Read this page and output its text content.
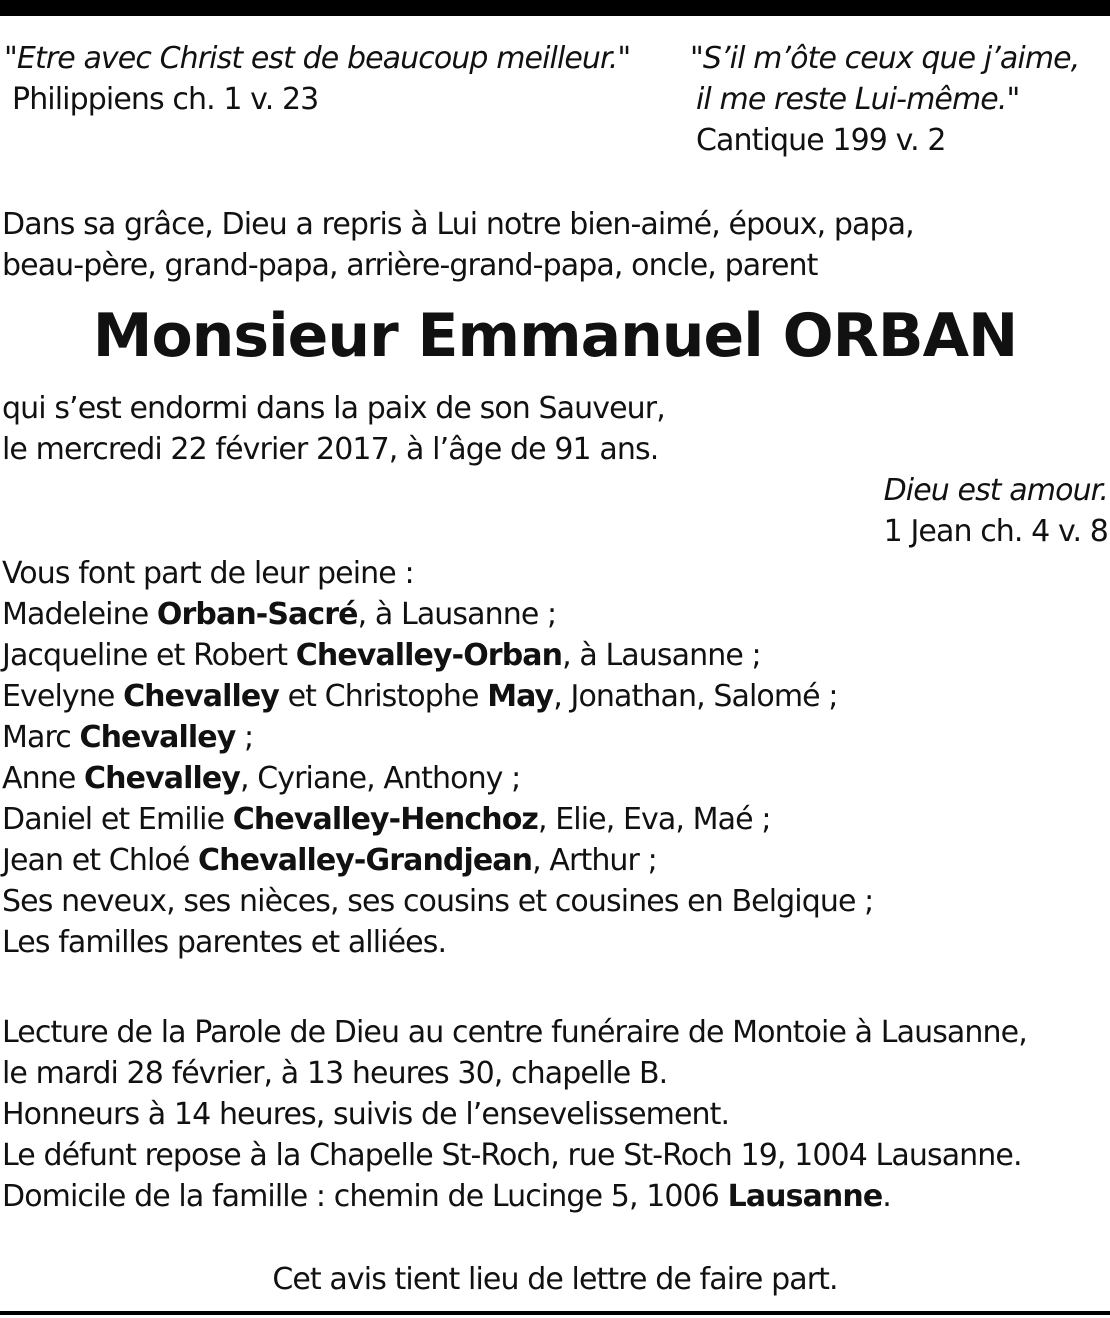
"Etre avec Christ est de beaucoup meilleur."
Philippiens ch. 1 v. 23
"S’il m’ôte ceux que j’aime,
il me reste Lui-même."
Cantique 199 v. 2
Dans sa grâce, Dieu a repris à Lui notre bien-aimé, époux, papa,
beau-père, grand-papa, arrière-grand-papa, oncle, parent
Monsieur Emmanuel ORBAN
qui s’est endormi dans la paix de son Sauveur,
le mercredi 22 février 2017, à l’âge de 91 ans.
Dieu est amour.
1 Jean ch. 4 v. 8
Vous font part de leur peine :
Madeleine Orban-Sacré, à Lausanne ;
Jacqueline et Robert Chevalley-Orban, à Lausanne ;
Evelyne Chevalley et Christophe May, Jonathan, Salomé ;
Marc Chevalley ;
Anne Chevalley, Cyriane, Anthony ;
Daniel et Emilie Chevalley-Henchoz, Elie, Eva, Maé ;
Jean et Chloé Chevalley-Grandjean, Arthur ;
Ses neveux, ses nièces, ses cousins et cousines en Belgique ;
Les familles parentes et alliées.
Lecture de la Parole de Dieu au centre funéraire de Montoie à Lausanne,
le mardi 28 février, à 13 heures 30, chapelle B.
Honneurs à 14 heures, suivis de l’ensevelissement.
Le défunt repose à la Chapelle St-Roch, rue St-Roch 19, 1004 Lausanne.
Domicile de la famille : chemin de Lucinge 5, 1006 Lausanne.

Cet avis tient lieu de lettre de faire part.
